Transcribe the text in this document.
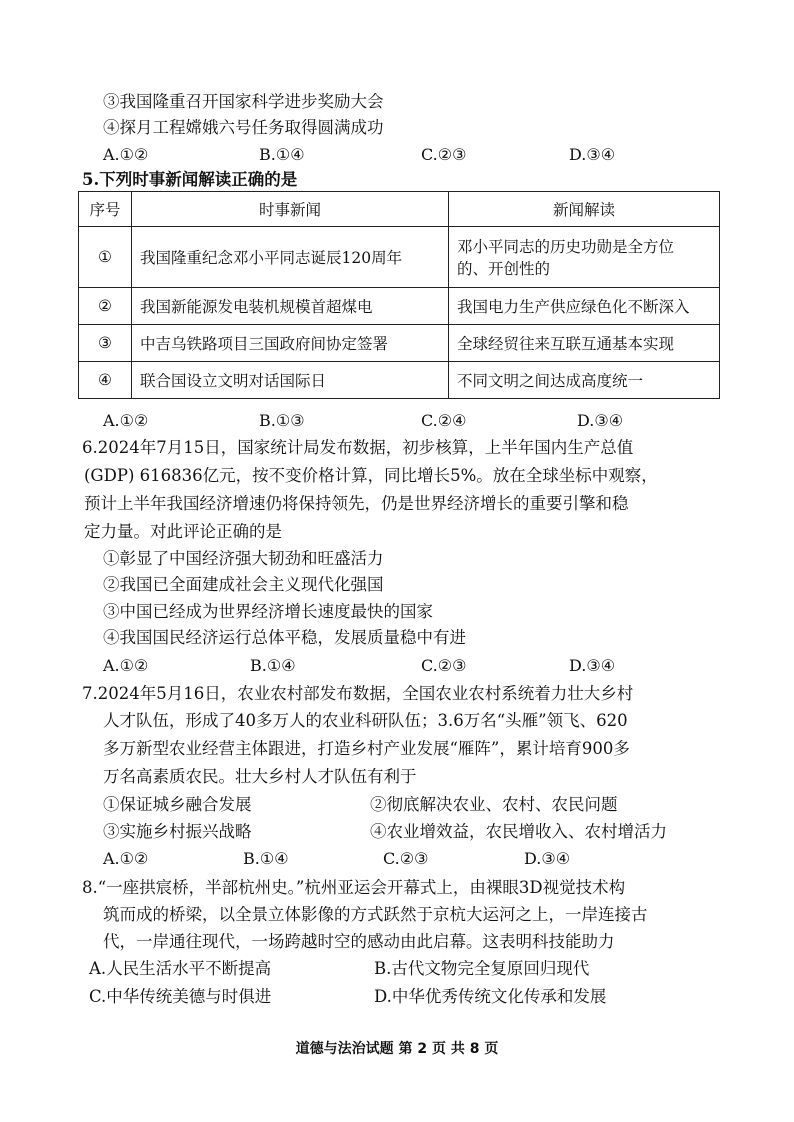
③我国隆重召开国家科学进步奖励大会
④探月工程嫦娥六号任务取得圆满成功
A.①②	B.①④	C.②③	D.③④
5.下列时事新闻解读正确的是
序号	时事新闻	新闻解读
①	我国隆重纪念邓小平同志诞辰120周年	邓小平同志的历史功勋是全方位
的、开创性的

②	我国新能源发电装机规模首超煤电	我国电力生产供应绿色化不断深入
③	中吉乌铁路项目三国政府间协定签署	全球经贸往来互联互通基本实现
④	联合国设立文明对话国际日	不同文明之间达成高度统一
A.①②	B.①③	C.②④	D.③④
6.2024年7月15日，国家统计局发布数据，初步核算，上半年国内生产总值
(GDP) 616836亿元，按不变价格计算，同比增长5%。放在全球坐标中观察，
预计上半年我国经济增速仍将保持领先，仍是世界经济增长的重要引擎和稳
定力量。对此评论正确的是
①彰显了中国经济强大韧劲和旺盛活力
②我国已全面建成社会主义现代化强国
③中国已经成为世界经济增长速度最快的国家
④我国国民经济运行总体平稳，发展质量稳中有进
A.①②	B.①④	C.②③	D.③④
7.2024年5月16日，农业农村部发布数据，全国农业农村系统着力壮大乡村
人才队伍，形成了40多万人的农业科研队伍；3.6万名“头雁”领飞、620
多万新型农业经营主体跟进，打造乡村产业发展“雁阵”，累计培育900多
万名高素质农民。壮大乡村人才队伍有利于
①保证城乡融合发展	②彻底解决农业、农村、农民问题
③实施乡村振兴战略	④农业增效益，农民增收入、农村增活力
A.①②	B.①④	C.②③	D.③④
8.“一座拱宸桥，半部杭州史。”杭州亚运会开幕式上，由裸眼3D视觉技术构
筑而成的桥梁，以全景立体影像的方式跃然于京杭大运河之上，一岸连接古
代，一岸通往现代，一场跨越时空的感动由此启幕。这表明科技能助力
A.人民生活水平不断提高	B.古代文物完全复原回归现代
C.中华传统美德与时俱进	D.中华优秀传统文化传承和发展
道德与法治试题 第 2 页 共 8 页
